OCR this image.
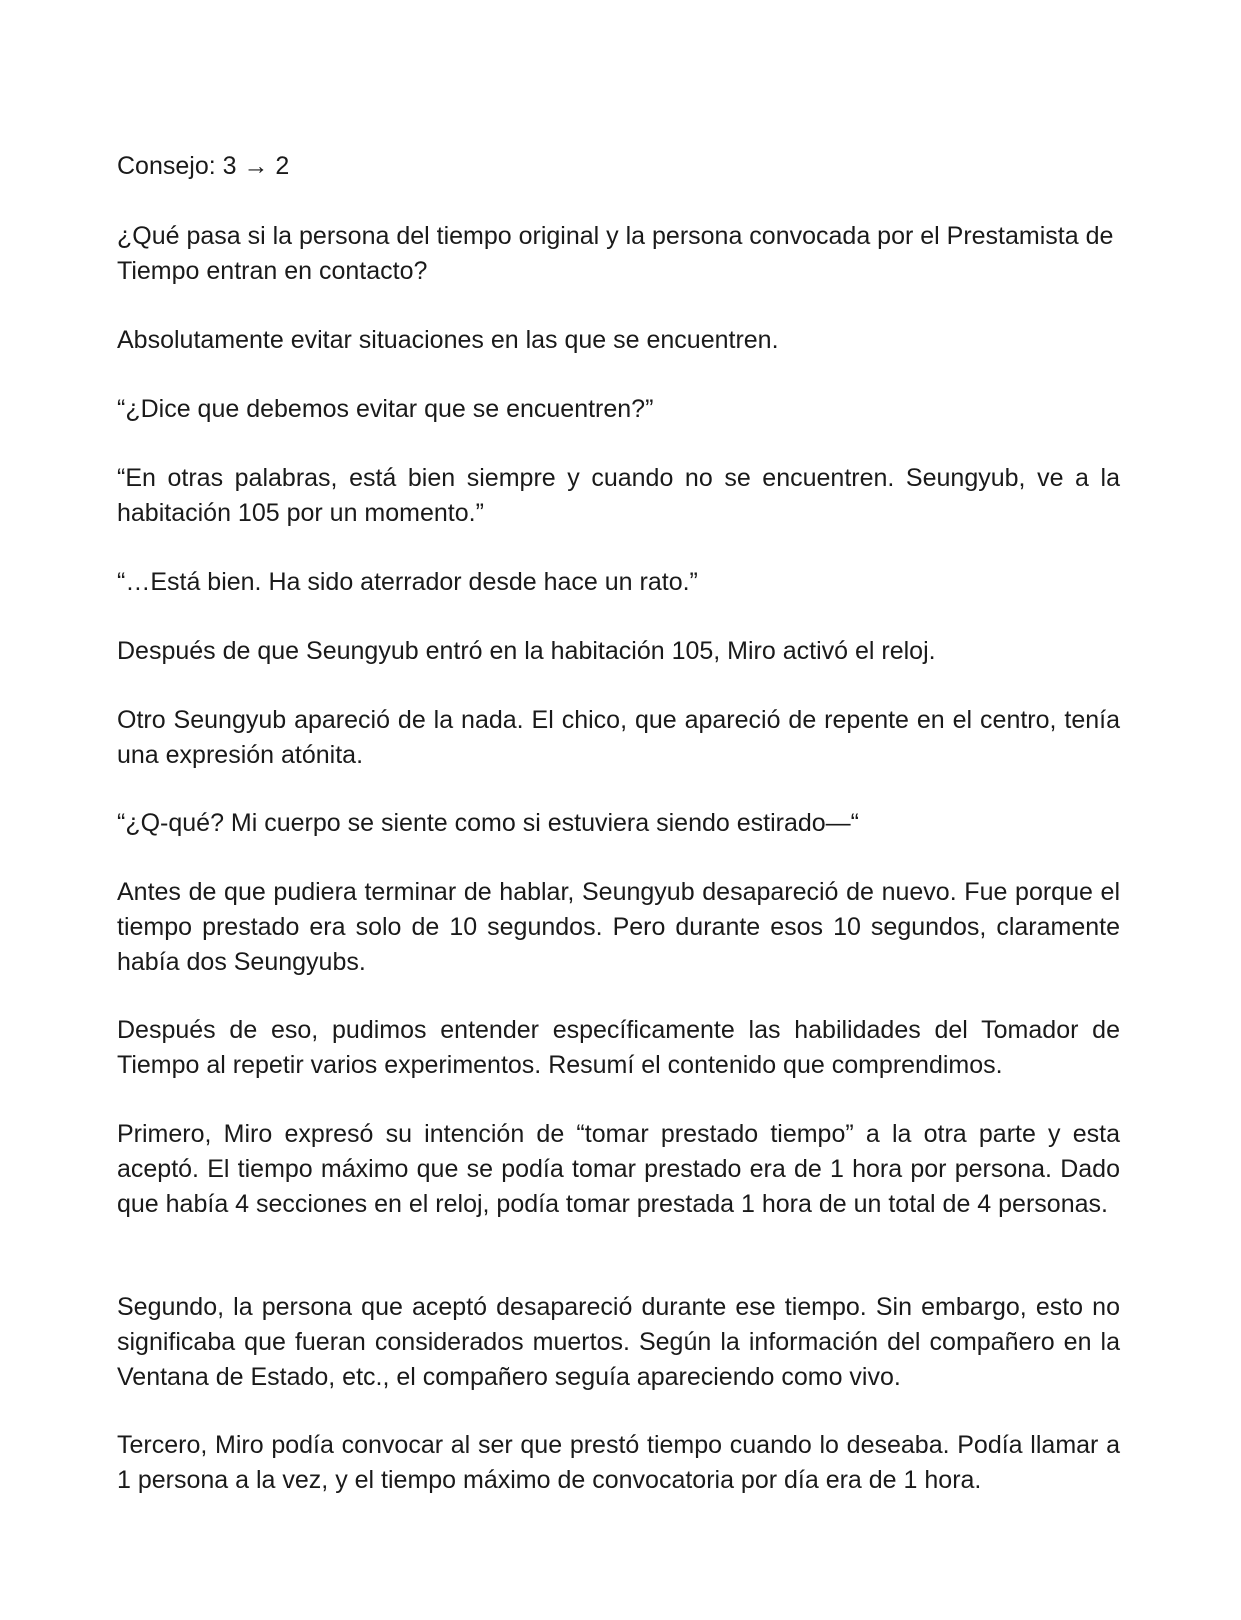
Consejo: 3 → 2

¿Qué pasa si la persona del tiempo original y la persona convocada por el Prestamista de Tiempo entran en contacto?

Absolutamente evitar situaciones en las que se encuentren.

“¿Dice que debemos evitar que se encuentren?”

“En otras palabras, está bien siempre y cuando no se encuentren. Seungyub, ve a la habitación 105 por un momento.”

“…Está bien. Ha sido aterrador desde hace un rato.”

Después de que Seungyub entró en la habitación 105, Miro activó el reloj.

Otro Seungyub apareció de la nada. El chico, que apareció de repente en el centro, tenía una expresión atónita.

“¿Q-qué? Mi cuerpo se siente como si estuviera siendo estirado—“

Antes de que pudiera terminar de hablar, Seungyub desapareció de nuevo. Fue porque el tiempo prestado era solo de 10 segundos. Pero durante esos 10 segundos, claramente había dos Seungyubs.

Después de eso, pudimos entender específicamente las habilidades del Tomador de Tiempo al repetir varios experimentos. Resumí el contenido que comprendimos.

Primero, Miro expresó su intención de “tomar prestado tiempo” a la otra parte y esta aceptó. El tiempo máximo que se podía tomar prestado era de 1 hora por persona. Dado que había 4 secciones en el reloj, podía tomar prestada 1 hora de un total de 4 personas.

Segundo, la persona que aceptó desapareció durante ese tiempo. Sin embargo, esto no significaba que fueran considerados muertos. Según la información del compañero en la Ventana de Estado, etc., el compañero seguía apareciendo como vivo.

Tercero, Miro podía convocar al ser que prestó tiempo cuando lo deseaba. Podía llamar a 1 persona a la vez, y el tiempo máximo de convocatoria por día era de 1 hora.
